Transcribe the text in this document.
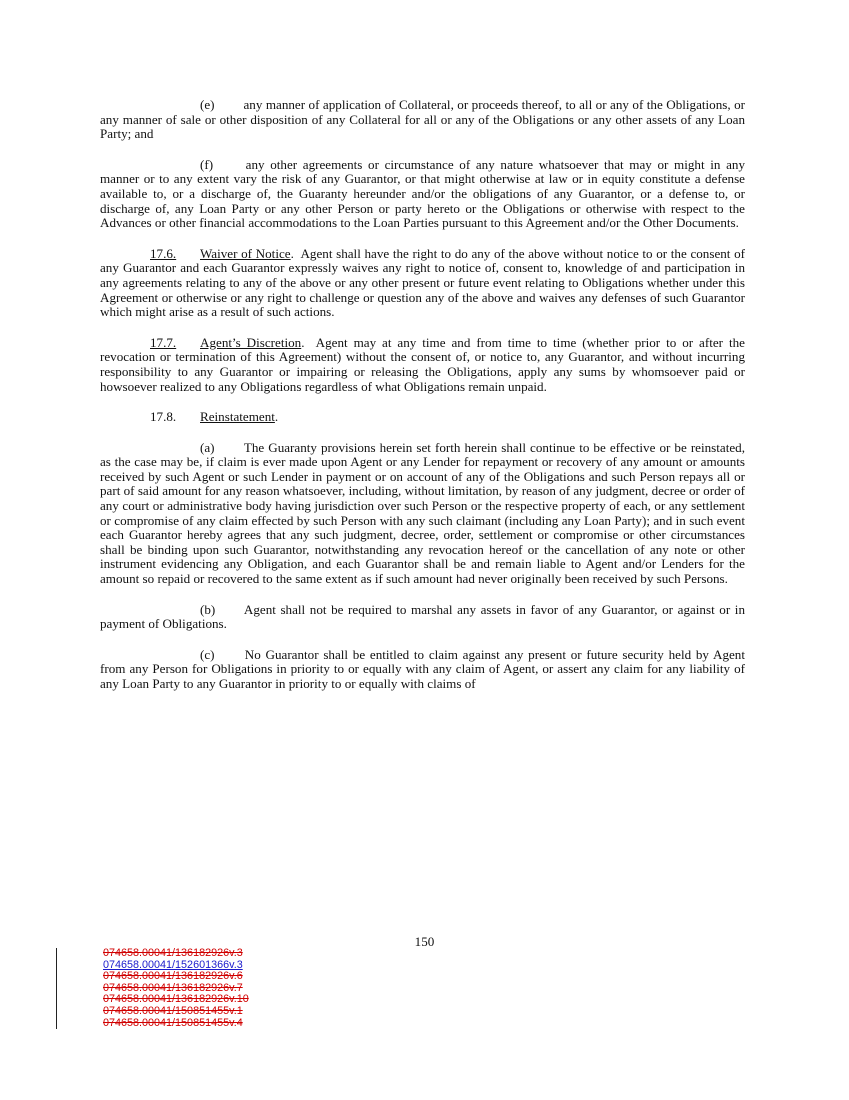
(e) any manner of application of Collateral, or proceeds thereof, to all or any of the Obligations, or any manner of sale or other disposition of any Collateral for all or any of the Obligations or any other assets of any Loan Party; and

(f) any other agreements or circumstance of any nature whatsoever that may or might in any manner or to any extent vary the risk of any Guarantor, or that might otherwise at law or in equity constitute a defense available to, or a discharge of, the Guaranty hereunder and/or the obligations of any Guarantor, or a defense to, or discharge of, any Loan Party or any other Person or party hereto or the Obligations or otherwise with respect to the Advances or other financial accommodations to the Loan Parties pursuant to this Agreement and/or the Other Documents.

17.6. Waiver of Notice.  Agent shall have the right to do any of the above without notice to or the consent of any Guarantor and each Guarantor expressly waives any right to notice of, consent to, knowledge of and participation in any agreements relating to any of the above or any other present or future event relating to Obligations whether under this Agreement or otherwise or any right to challenge or question any of the above and waives any defenses of such Guarantor which might arise as a result of such actions.

17.7. Agent’s Discretion.  Agent may at any time and from time to time (whether prior to or after the revocation or termination of this Agreement) without the consent of, or notice to, any Guarantor, and without incurring responsibility to any Guarantor or impairing or releasing the Obligations, apply any sums by whomsoever paid or howsoever realized to any Obligations regardless of what Obligations remain unpaid.

17.8. Reinstatement.

(a) The Guaranty provisions herein set forth herein shall continue to be effective or be reinstated, as the case may be, if claim is ever made upon Agent or any Lender for repayment or recovery of any amount or amounts received by such Agent or such Lender in payment or on account of any of the Obligations and such Person repays all or part of said amount for any reason whatsoever, including, without limitation, by reason of any judgment, decree or order of any court or administrative body having jurisdiction over such Person or the respective property of each, or any settlement or compromise of any claim effected by such Person with any such claimant (including any Loan Party); and in such event each Guarantor hereby agrees that any such judgment, decree, order, settlement or compromise or other circumstances shall be binding upon such Guarantor, notwithstanding any revocation hereof or the cancellation of any note or other instrument evidencing any Obligation, and each Guarantor shall be and remain liable to Agent and/or Lenders for the amount so repaid or recovered to the same extent as if such amount had never originally been received by such Persons.

(b) Agent shall not be required to marshal any assets in favor of any Guarantor, or against or in payment of Obligations.

(c) No Guarantor shall be entitled to claim against any present or future security held by Agent from any Person for Obligations in priority to or equally with any claim of Agent, or assert any claim for any liability of any Loan Party to any Guarantor in priority to or equally with claims of

150
074658.00041/136182926v.3
074658.00041/152601366v.3
074658.00041/136182926v.6
074658.00041/136182926v.7
074658.00041/136182926v.10
074658.00041/150851455v.1
074658.00041/150851455v.4
